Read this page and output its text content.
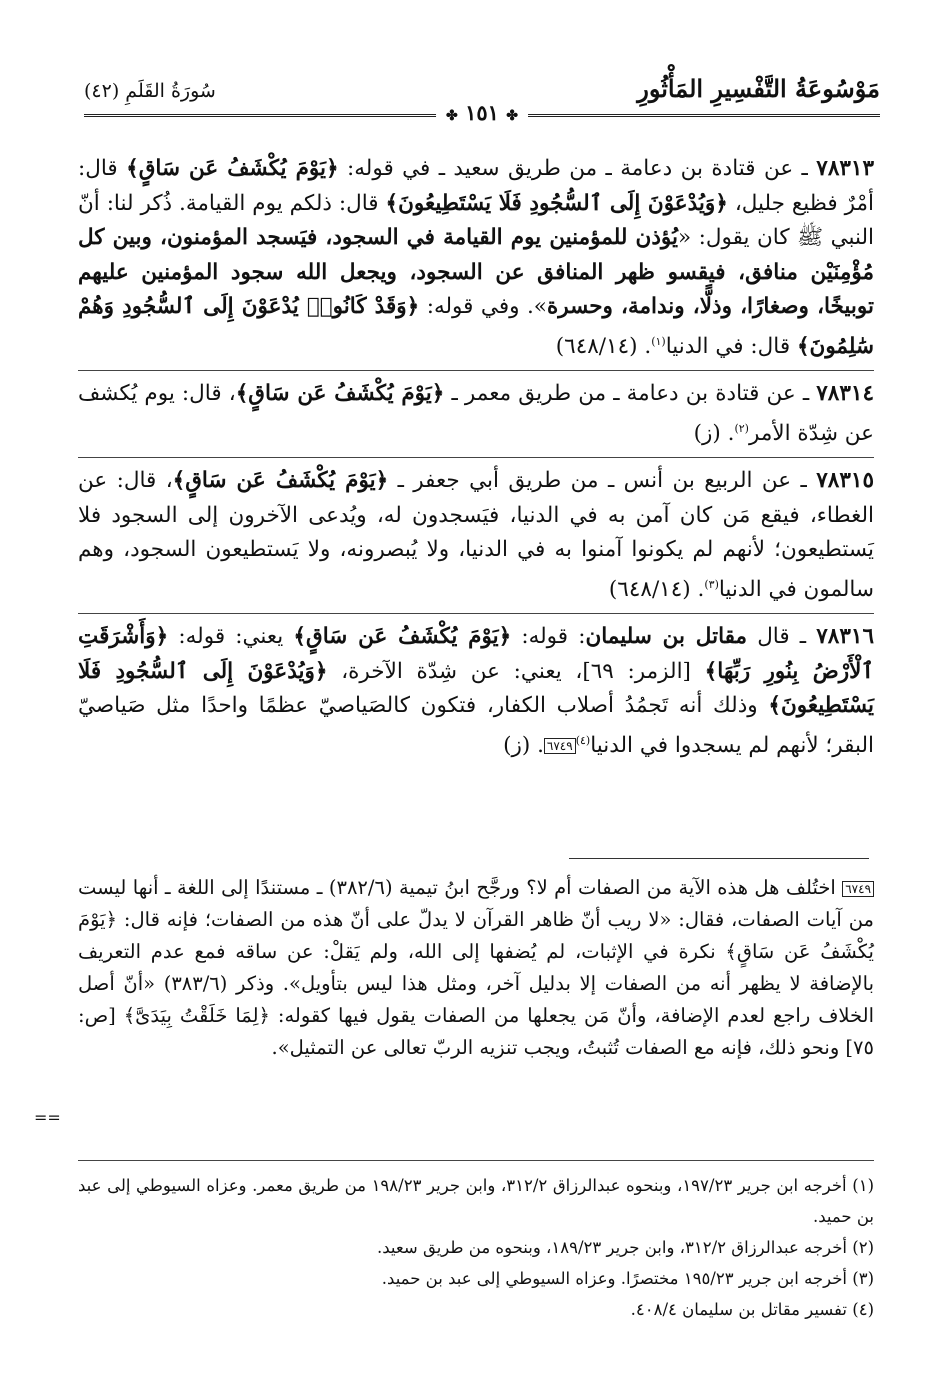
مَوْسُوعَةُ التَّفْسِيرِ المَأْثُورِ
سُورَةُ القَلَمِ (٤٢)
✤ ١٥١ ✤

٧٨٣١٣ ـ عن قتادة بن دعامة ـ من طريق سعيد ـ في قوله: ﴿يَوْمَ يُكْشَفُ عَن سَاقٍ﴾ قال: أمْرٌ فظيع جليل، ﴿وَيُدْعَوْنَ إِلَى ٱلسُّجُودِ فَلَا يَسْتَطِيعُونَ﴾ قال: ذلكم يوم القيامة. ذُكر لنا: أنّ النبي ﷺ كان يقول: «يُؤذن للمؤمنين يوم القيامة في السجود، فيَسجد المؤمنون، وبين كل مُؤْمِنَيْن منافق، فيقسو ظهر المنافق عن السجود، ويجعل الله سجود المؤمنين عليهم توبيخًا، وصغارًا، وذلًّا، وندامة، وحسرة». وفي قوله: ﴿وَقَدْ كَانُوا۟ يُدْعَوْنَ إِلَى ٱلسُّجُودِ وَهُمْ سَٰلِمُونَ﴾ قال: في الدنيا$^{(١)}$. (٦٤٨/١٤)

٧٨٣١٤ ـ عن قتادة بن دعامة ـ من طريق معمر ـ ﴿يَوْمَ يُكْشَفُ عَن سَاقٍ﴾، قال: يوم يُكشف عن شِدّة الأمر$^{(٢)}$. (ز)

٧٨٣١٥ ـ عن الربيع بن أنس ـ من طريق أبي جعفر ـ ﴿يَوْمَ يُكْشَفُ عَن سَاقٍ﴾، قال: عن الغطاء، فيقع مَن كان آمن به في الدنيا، فيَسجدون له، ويُدعى الآخرون إلى السجود فلا يَستطيعون؛ لأنهم لم يكونوا آمنوا به في الدنيا، ولا يُبصرونه، ولا يَستطيعون السجود، وهم سالمون في الدنيا$^{(٣)}$. (٦٤٨/١٤)

٧٨٣١٦ ـ قال مقاتل بن سليمان: قوله: ﴿يَوْمَ يُكْشَفُ عَن سَاقٍ﴾ يعني: قوله: ﴿وَأَشْرَقَتِ ٱلْأَرْضُ بِنُورِ رَبِّهَا﴾ [الزمر: ٦٩]، يعني: عن شِدّة الآخرة، ﴿وَيُدْعَوْنَ إِلَى ٱلسُّجُودِ فَلَا يَسْتَطِيعُونَ﴾ وذلك أنه تَجمُدُ أصلاب الكفار، فتكون كالصَياصيّ عظمًا واحدًا مثل صَياصيّ البقر؛ لأنهم لم يسجدوا في الدنيا$^{(٤)}$٦٧٤٩. (ز)

٦٧٤٩ اختُلف هل هذه الآية من الصفات أم لا؟ ورجَّح ابنُ تيمية (٣٨٢/٦) ـ مستندًا إلى اللغة ـ أنها ليست من آيات الصفات، فقال: «لا ريب أنّ ظاهر القرآن لا يدلّ على أنّ هذه من الصفات؛ فإنه قال: ﴿يَوْمَ يُكْشَفُ عَن سَاقٍ﴾ نكرة في الإثبات، لم يُضفها إلى الله، ولم يَقلْ: عن ساقه فمع عدم التعريف بالإضافة لا يظهر أنه من الصفات إلا بدليل آخر، ومثل هذا ليس بتأويل». وذكر (٣٨٣/٦) «أنّ أصل الخلاف راجع لعدم الإضافة، وأنّ مَن يجعلها من الصفات يقول فيها كقوله: ﴿لِمَا خَلَقْتُ بِيَدَىَّ﴾ [ص: ٧٥] ونحو ذلك، فإنه مع الصفات تُثبتُ، ويجب تنزيه الربّ تعالى عن التمثيل».
==

(١) أخرجه ابن جرير ١٩٧/٢٣، وبنحوه عبدالرزاق ٣١٢/٢، وابن جرير ١٩٨/٢٣ من طريق معمر. وعزاه السيوطي إلى عبد بن حميد.

(٢) أخرجه عبدالرزاق ٣١٢/٢، وابن جرير ١٨٩/٢٣، وبنحوه من طريق سعيد.

(٣) أخرجه ابن جرير ١٩٥/٢٣ مختصرًا. وعزاه السيوطي إلى عبد بن حميد.

(٤) تفسير مقاتل بن سليمان ٤٠٨/٤.
